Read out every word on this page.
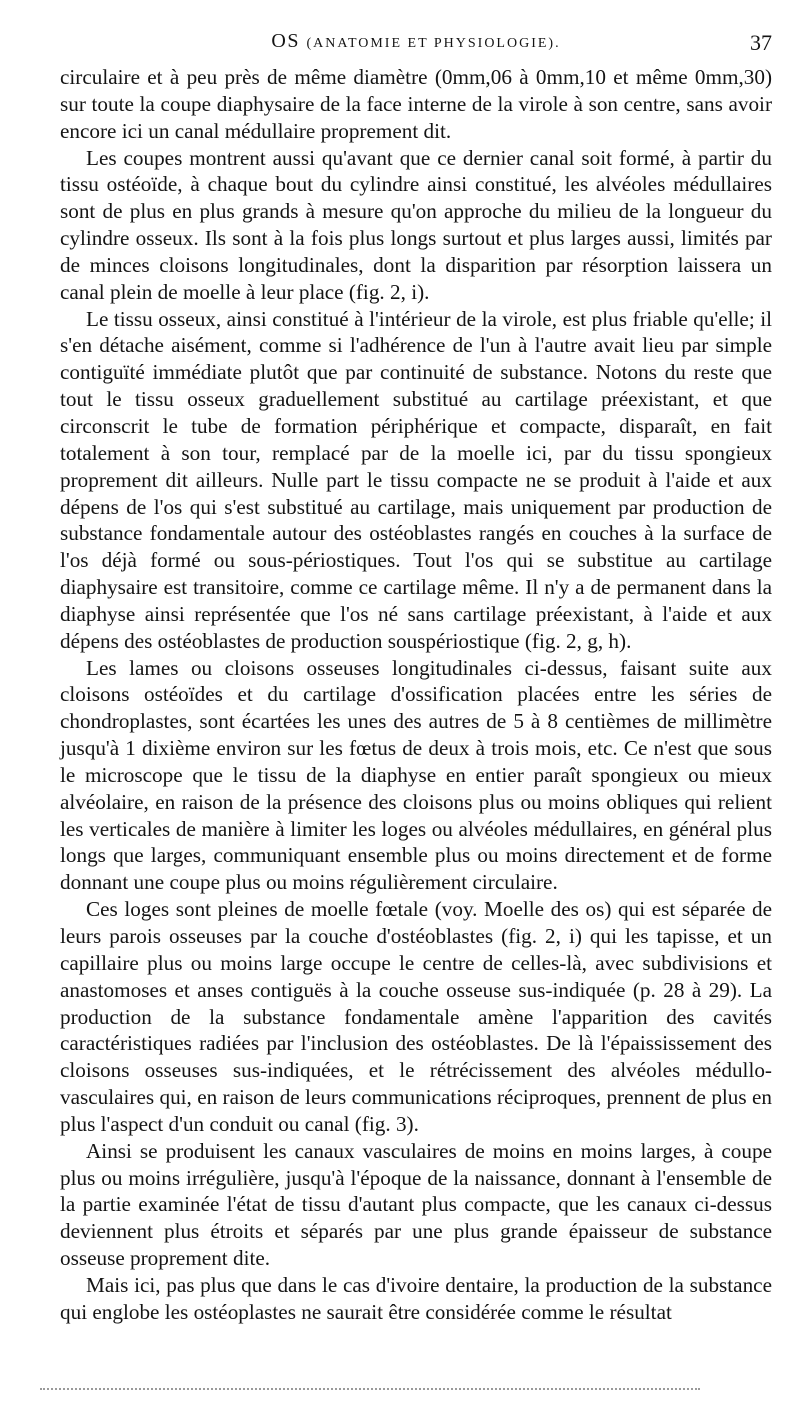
OS (ANATOMIE ET PHYSIOLOGIE).	37

circulaire et à peu près de même diamètre (0mm,06 à 0mm,10 et même 0mm,30) sur toute la coupe diaphysaire de la face interne de la virole à son centre, sans avoir encore ici un canal médullaire proprement dit.

Les coupes montrent aussi qu'avant que ce dernier canal soit formé, à partir du tissu ostéoïde, à chaque bout du cylindre ainsi constitué, les alvéoles médullaires sont de plus en plus grands à mesure qu'on approche du milieu de la longueur du cylindre osseux. Ils sont à la fois plus longs surtout et plus larges aussi, limités par de minces cloisons longitudinales, dont la disparition par résorption laissera un canal plein de moelle à leur place (fig. 2, i).

Le tissu osseux, ainsi constitué à l'intérieur de la virole, est plus friable qu'elle; il s'en détache aisément, comme si l'adhérence de l'un à l'autre avait lieu par simple contiguïté immédiate plutôt que par continuité de substance. Notons du reste que tout le tissu osseux graduellement substitué au cartilage préexistant, et que circonscrit le tube de formation périphérique et compacte, disparaît, en fait totalement à son tour, remplacé par de la moelle ici, par du tissu spongieux proprement dit ailleurs. Nulle part le tissu compacte ne se produit à l'aide et aux dépens de l'os qui s'est substitué au cartilage, mais uniquement par production de substance fondamentale autour des ostéoblastes rangés en couches à la surface de l'os déjà formé ou sous-périostiques. Tout l'os qui se substitue au cartilage diaphysaire est transitoire, comme ce cartilage même. Il n'y a de permanent dans la diaphyse ainsi représentée que l'os né sans cartilage préexistant, à l'aide et aux dépens des ostéoblastes de production souspériostique (fig. 2, g, h).

Les lames ou cloisons osseuses longitudinales ci-dessus, faisant suite aux cloisons ostéoïdes et du cartilage d'ossification placées entre les séries de chondroplastes, sont écartées les unes des autres de 5 à 8 centièmes de millimètre jusqu'à 1 dixième environ sur les fœtus de deux à trois mois, etc. Ce n'est que sous le microscope que le tissu de la diaphyse en entier paraît spongieux ou mieux alvéolaire, en raison de la présence des cloisons plus ou moins obliques qui relient les verticales de manière à limiter les loges ou alvéoles médullaires, en général plus longs que larges, communiquant ensemble plus ou moins directement et de forme donnant une coupe plus ou moins régulièrement circulaire.

Ces loges sont pleines de moelle fœtale (voy. Moelle des os) qui est séparée de leurs parois osseuses par la couche d'ostéoblastes (fig. 2, i) qui les tapisse, et un capillaire plus ou moins large occupe le centre de celles-là, avec subdivisions et anastomoses et anses contiguës à la couche osseuse sus-indiquée (p. 28 à 29). La production de la substance fondamentale amène l'apparition des cavités caractéristiques radiées par l'inclusion des ostéoblastes. De là l'épaississement des cloisons osseuses sus-indiquées, et le rétrécissement des alvéoles médullo-vasculaires qui, en raison de leurs communications réciproques, prennent de plus en plus l'aspect d'un conduit ou canal (fig. 3).

Ainsi se produisent les canaux vasculaires de moins en moins larges, à coupe plus ou moins irrégulière, jusqu'à l'époque de la naissance, donnant à l'ensemble de la partie examinée l'état de tissu d'autant plus compacte, que les canaux ci-dessus deviennent plus étroits et séparés par une plus grande épaisseur de substance osseuse proprement dite.

Mais ici, pas plus que dans le cas d'ivoire dentaire, la production de la substance qui englobe les ostéoplastes ne saurait être considérée comme le résultat
